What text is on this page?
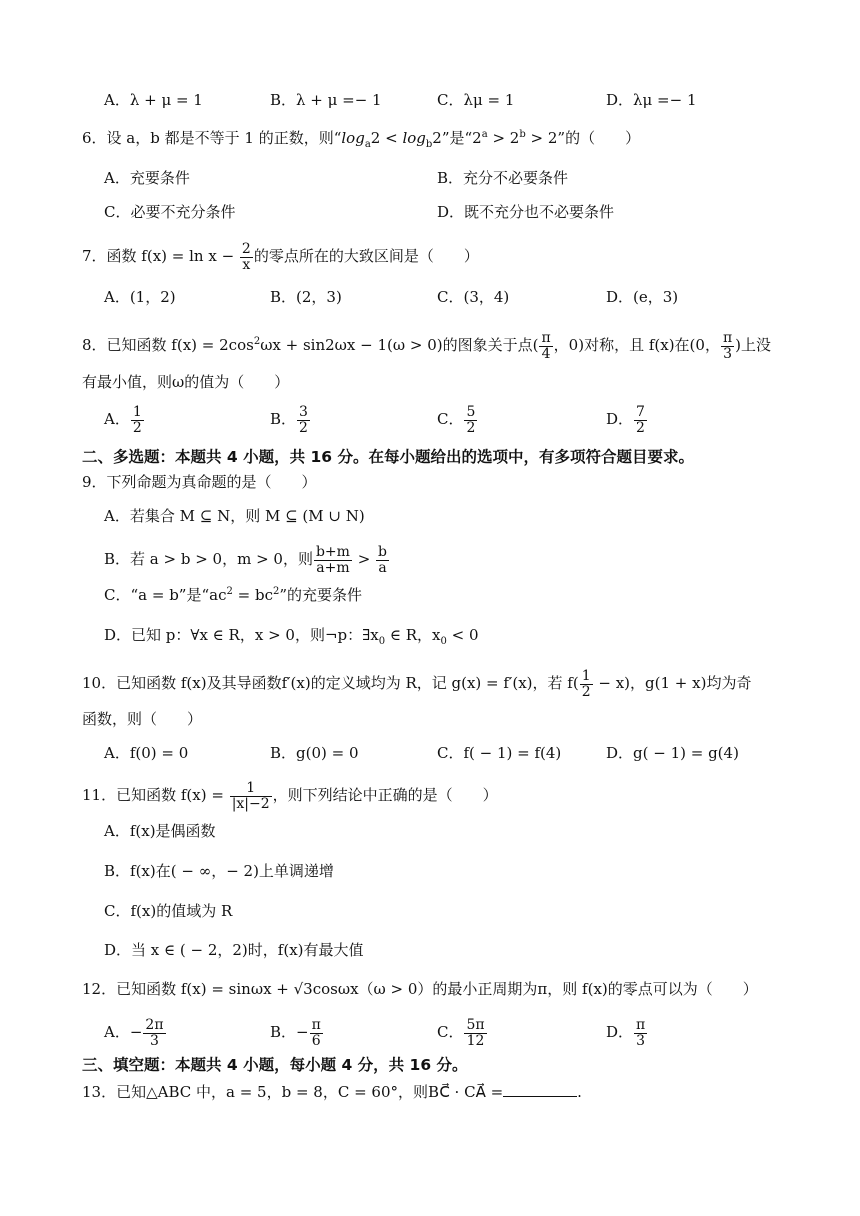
A．λ + μ = 1	B．λ + μ =− 1	C．λμ = 1	D．λμ =− 1
6．设 a，b 都是不等于 1 的正数，则“$\log_a2 < \log_b2$”是“$2^a > 2^b > 2$”的（　　）
A．充要条件	B．充分不必要条件
C．必要不充分条件	D．既不充分也不必要条件
7．函数 $f(x) = \ln x - \frac{2}{x}$ 的零点所在的大致区间是（　　）
A．(1，2)	B．(2，3)	C．(3，4)	D．(e，3)
8．已知函数 $f(x) = 2\cos^2\omega x + \sin 2\omega x - 1(\omega > 0)$的图象关于点( $\frac{\pi}{4}$ ，0)对称，且 f(x)在(0， $\frac{\pi}{3}$ )上没
有最小值，则ω的值为（　　）
A． $\frac{1}{2}$	B． $\frac{3}{2}$	C． $\frac{5}{2}$	D． $\frac{7}{2}$
二、多选题：本题共 4 小题，共 16 分。在每小题给出的选项中，有多项符合题目要求。
9．下列命题为真命题的是（　　）
A．若集合 M ⊆ N，则 M ⊆ (M ∪ N)
B．若 a > b > 0，m > 0，则 $\frac{b+m}{a+m} > \frac{b}{a}$
C．“a = b”是“$ac^2 = bc^2$”的充要条件
D．已知 p：∀x ∈ R，x > 0，则¬p：$\exists x_0$ ∈ R，$x_0 < 0$
10．已知函数 f(x)及其导函数f′(x)的定义域均为 R，记 g(x) = f′(x)，若 $f( \frac{1}{2} - x)$，g(1 + x)均为奇
函数，则（　　）
A．f(0) = 0	B．g(0) = 0	C．f( − 1) = f(4)	D．g( − 1) = g(4)
11．已知函数 $f(x) = \frac{1}{|x|-2}$ ，则下列结论中正确的是（　　）
A．f(x)是偶函数
B．f(x)在( − ∞，− 2)上单调递增
C．f(x)的值域为 R
D．当 x ∈ ( − 2，2)时，f(x)有最大值
12．已知函数 f(x) = sinωx + √3cosωx（ω > 0）的最小正周期为π，则 f(x)的零点可以为（　　）
A．− $\frac{2\pi}{3}$	B．− $\frac{\pi}{6}$	C． $\frac{5\pi}{12}$	D． $\frac{\pi}{3}$
三、填空题：本题共 4 小题，每小题 4 分，共 16 分。
13．已知△ABC 中，a = 5，b = 8，C = 60°，则BC⃗ · CA⃗ =	.
